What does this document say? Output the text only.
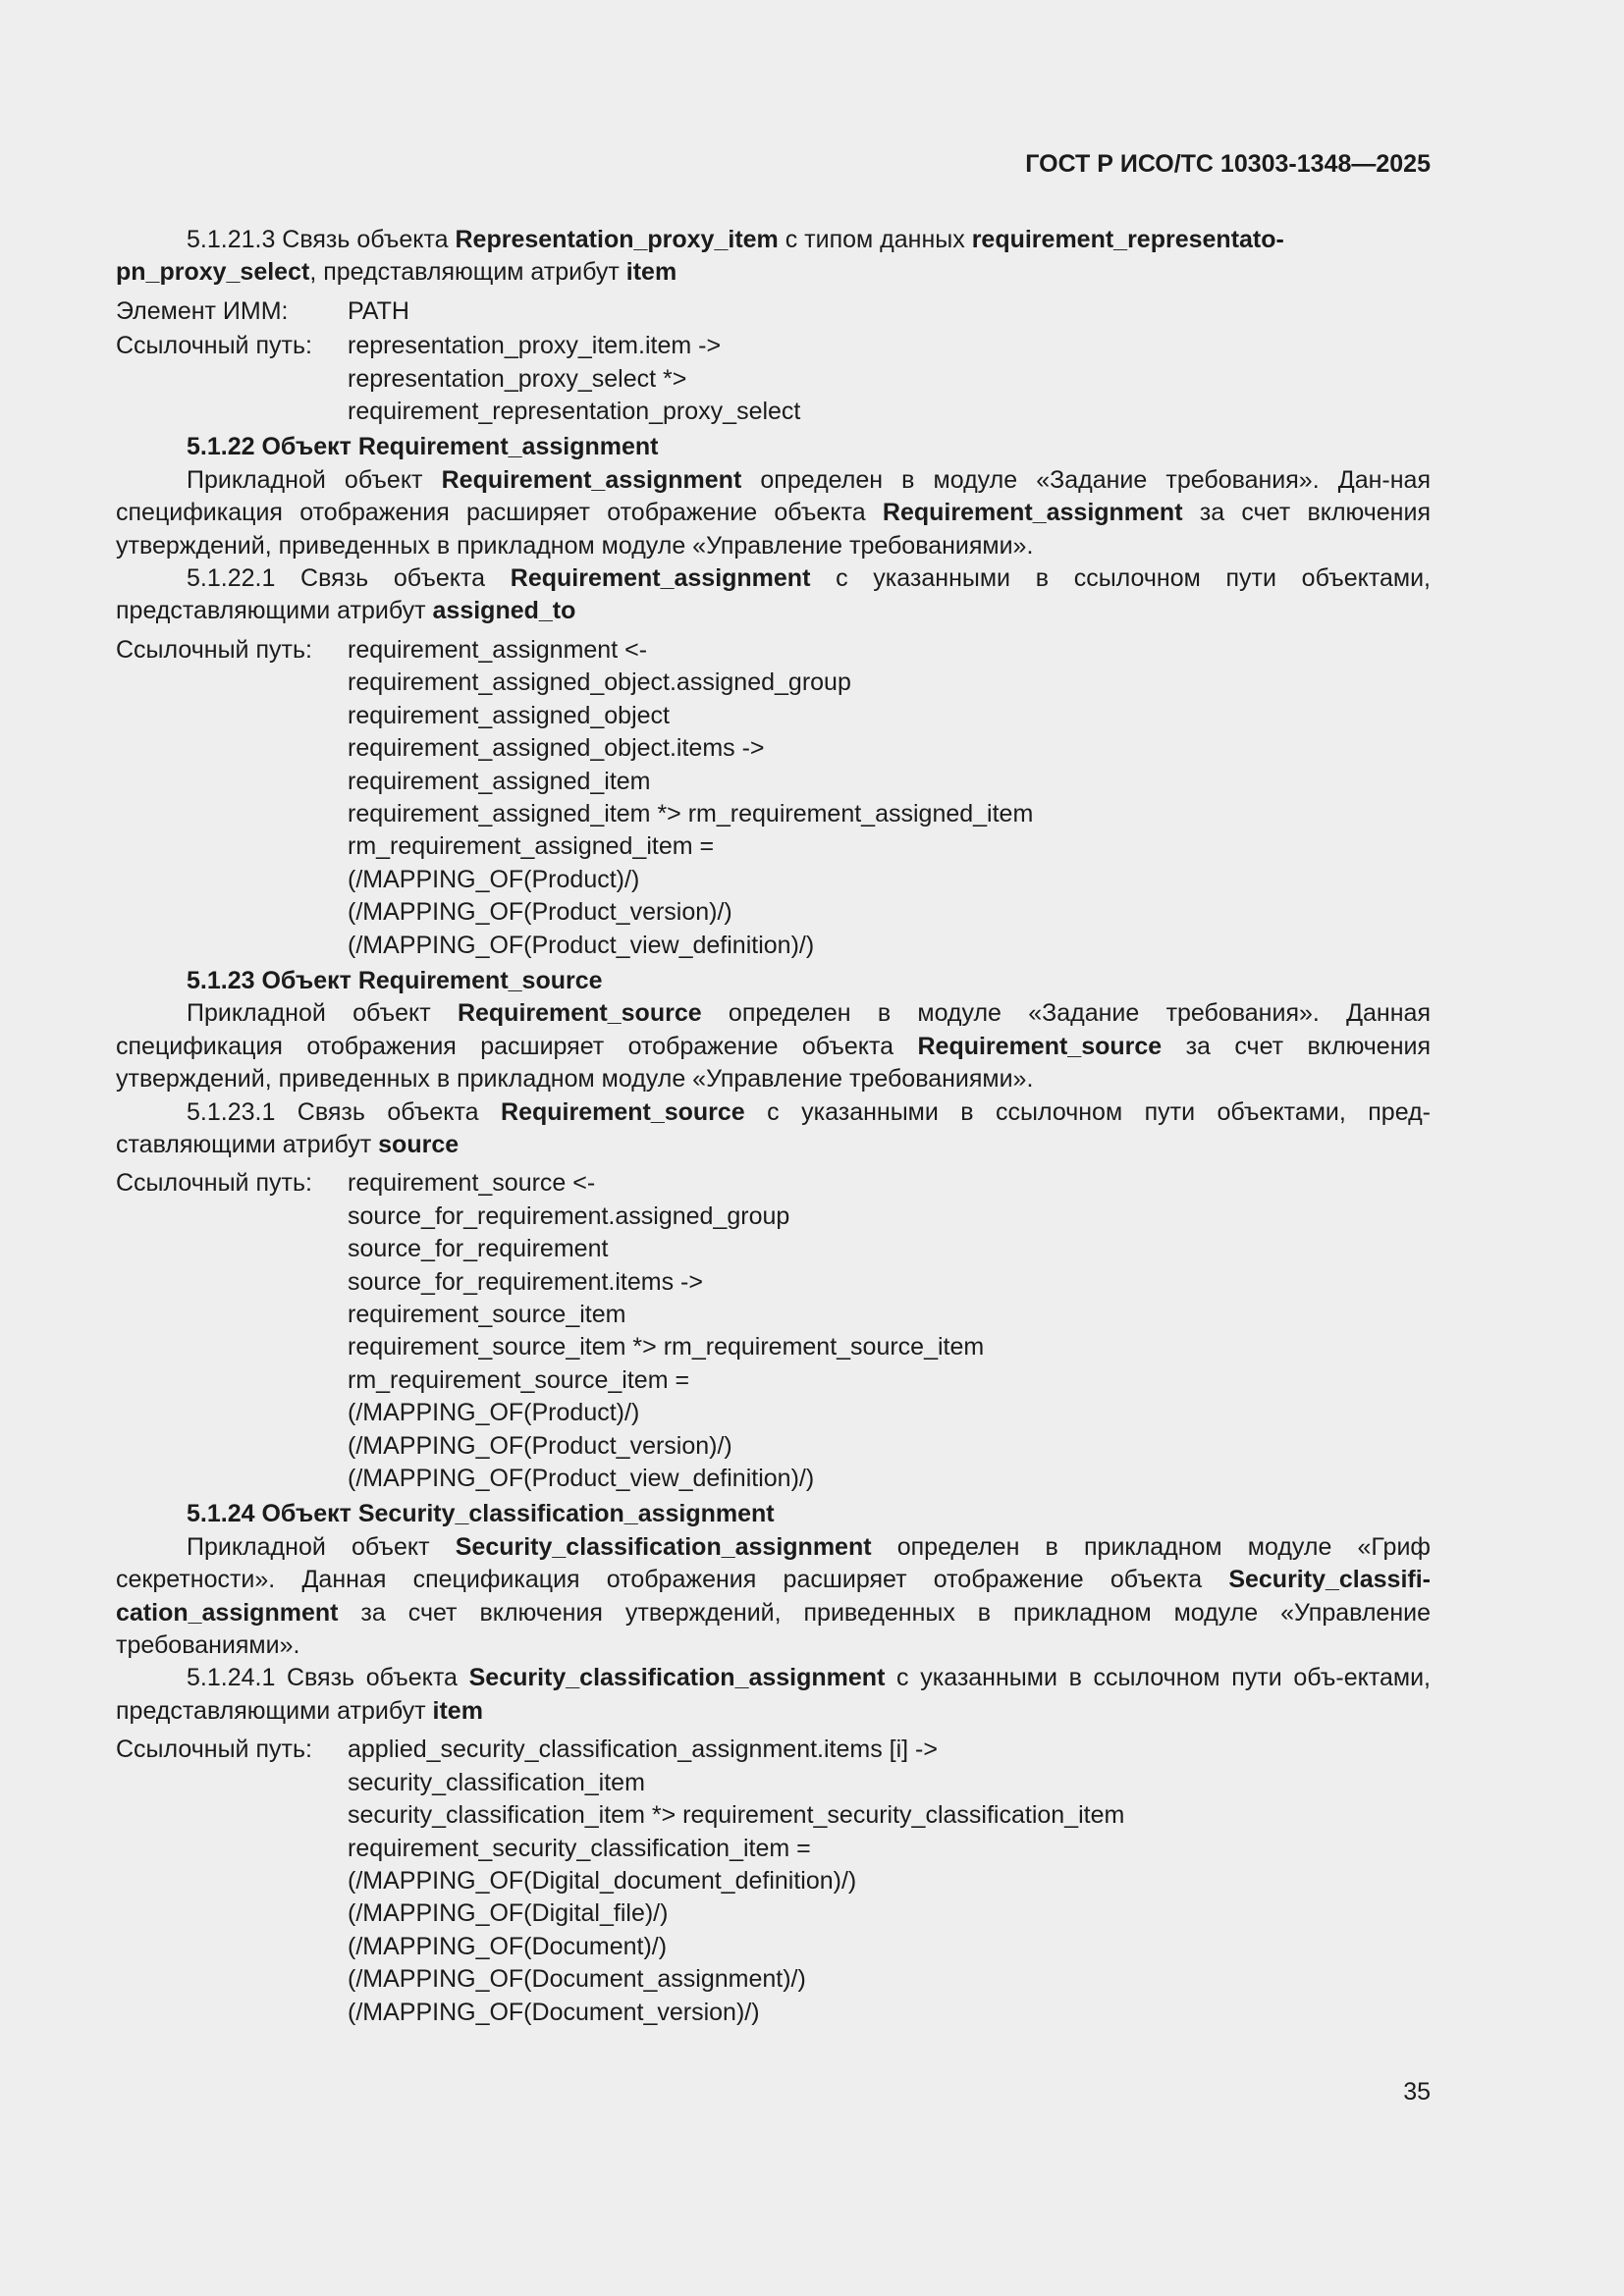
ГОСТ Р ИСО/ТС 10303-1348—2025

5.1.21.3 Связь объекта Representation_proxy_item с типом данных requirement_representato-
pn_proxy_select, представляющим атрибут item

Элемент ИММ:	PATH
Ссылочный путь:	representation_proxy_item.item ->
representation_proxy_select *>
requirement_representation_proxy_select

5.1.22 Объект Requirement_assignment

Прикладной объект Requirement_assignment определен в модуле «Задание требования». Дан-ная спецификация отображения расширяет отображение объекта Requirement_assignment за счет включения утверждений, приведенных в прикладном модуле «Управление требованиями».

5.1.22.1 Связь объекта Requirement_assignment с указанными в ссылочном пути объектами, представляющими атрибут assigned_to

Ссылочный путь:	requirement_assignment <-
requirement_assigned_object.assigned_group
requirement_assigned_object
requirement_assigned_object.items ->
requirement_assigned_item
requirement_assigned_item *> rm_requirement_assigned_item
rm_requirement_assigned_item =
(/MAPPING_OF(Product)/)
(/MAPPING_OF(Product_version)/)
(/MAPPING_OF(Product_view_definition)/)

5.1.23 Объект Requirement_source

Прикладной объект Requirement_source определен в модуле «Задание требования». Данная спецификация отображения расширяет отображение объекта Requirement_source за счет включения утверждений, приведенных в прикладном модуле «Управление требованиями».

5.1.23.1 Связь объекта Requirement_source с указанными в ссылочном пути объектами, пред-ставляющими атрибут source

Ссылочный путь:	requirement_source <-
source_for_requirement.assigned_group
source_for_requirement
source_for_requirement.items ->
requirement_source_item
requirement_source_item *> rm_requirement_source_item
rm_requirement_source_item =
(/MAPPING_OF(Product)/)
(/MAPPING_OF(Product_version)/)
(/MAPPING_OF(Product_view_definition)/)

5.1.24 Объект Security_classification_assignment

Прикладной объект Security_classification_assignment определен в прикладном модуле «Гриф секретности». Данная спецификация отображения расширяет отображение объекта Security_classifi-cation_assignment за счет включения утверждений, приведенных в прикладном модуле «Управление требованиями».

5.1.24.1 Связь объекта Security_classification_assignment с указанными в ссылочном пути объ-ектами, представляющими атрибут item

Ссылочный путь:	applied_security_classification_assignment.items [i] ->
security_classification_item
security_classification_item *> requirement_security_classification_item
requirement_security_classification_item =
(/MAPPING_OF(Digital_document_definition)/)
(/MAPPING_OF(Digital_file)/)
(/MAPPING_OF(Document)/)
(/MAPPING_OF(Document_assignment)/)
(/MAPPING_OF(Document_version)/)
35
